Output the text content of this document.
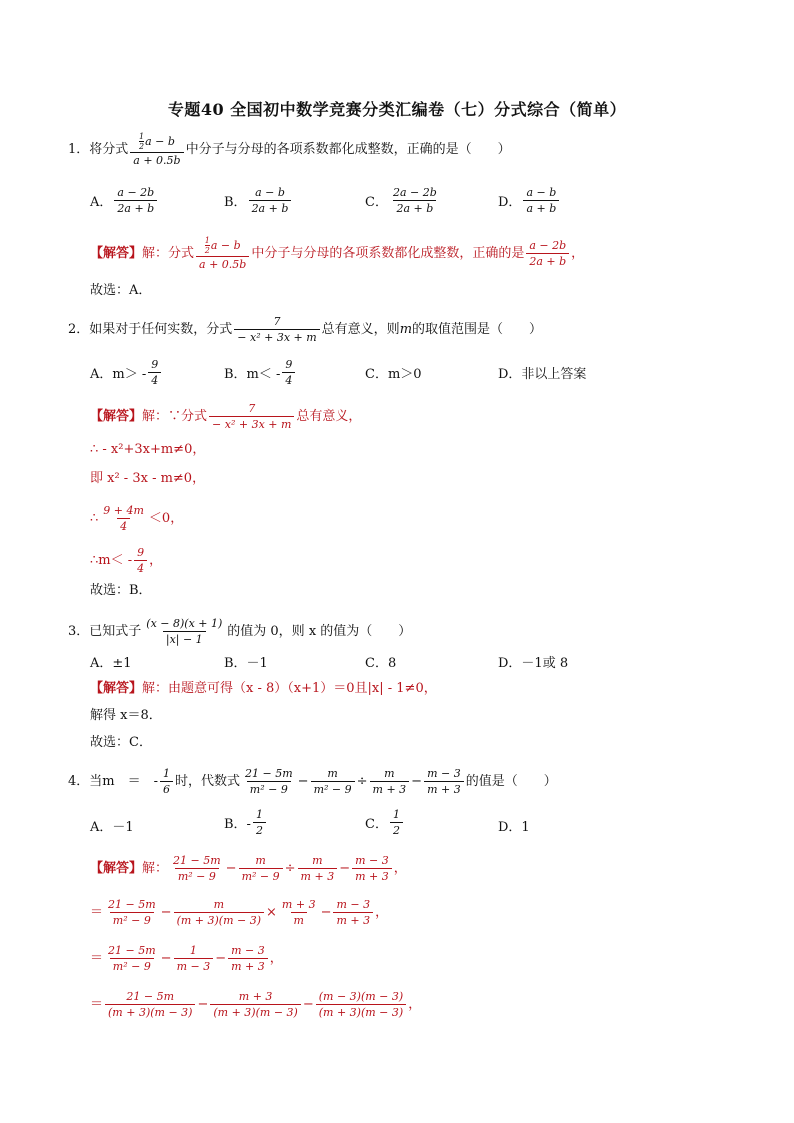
专题40 全国初中数学竞赛分类汇编卷（七）分式综合（简单）
1．将分式 $\frac{\frac{1}{2} a - b}{a + 0.5b}$ 中分子与分母的各项系数都化成整数，正确的是（　　）
A． $\frac{a - 2b}{2a + b}$	B． $\frac{a - b}{2a + b}$	C． $\frac{2a - 2b}{2a + b}$	D． $\frac{a - b}{a + b}$
【解答】 解：分式 $\frac{\frac{1}{2} a - b}{a + 0.5b}$ 中分子与分母的各项系数都化成整数，正确的是 $\frac{a - 2b}{2a + b}$ ，
故选：A．
2．如果对于任何实数，分式 $\frac{7}{\text{− x² + 3x + m}}$ 总有意义，则 m 的取值范围是（　　）
A．$m> - \frac{9}{4}$	B．$m< - \frac{9}{4}$	C．m＞0	D．非以上答案
【解答】 解：∵分式 $\frac{7}{\text{− x² + 3x + m}}$ 总有意义，
∴ - x²+3x+m≠0，
即 x² - 3x - m≠0，
∴ $\frac{9 + 4m}{4} <0$，
∴m＜ - $\frac{9}{4}$ ，
故选：B．
3．已知式子 $\frac{(x - 8)(x + 1)}{|x| - 1}$ 的值为 0，则 x 的值为（　　）
A．±1	B．－1	C．8	D．－1或 8
【解答】 解：由题意可得（x - 8）（x+1）＝0且|x| - 1≠0，
解得 x＝8．
故选：C．
4．当m　＝　- $\frac{1}{6}$ 时，代数式 $\frac{21 - 5m}{\text{m² − 9}} - \frac{m}{\text{m² − 9}} \div \frac{m}{m + 3} - \frac{m - 3}{m + 3}$ 的值是（　　）
A．－1	B．- $\frac{1}{2}$	C． $\frac{1}{2}$	D．1
【解答】 解： $\frac{21 - 5m}{\text{m² − 9}} - \frac{m}{\text{m² − 9}} \div \frac{m}{m + 3} - \frac{m - 3}{m + 3}$ ，
＝ $\frac{21 - 5m}{\text{m² − 9}} - \frac{m}{(m + 3)(m - 3)} \times \frac{m + 3}{m} - \frac{m - 3}{m + 3}$ ，
＝ $\frac{21 - 5m}{\text{m² − 9}} - \frac{1}{m - 3} - \frac{m - 3}{m + 3}$ ，
＝ $\frac{21 - 5m}{(m + 3)(m - 3)} - \frac{m + 3}{(m + 3)(m - 3)} - \frac{(m - 3)(m - 3)}{(m + 3)(m - 3)}$ ，
